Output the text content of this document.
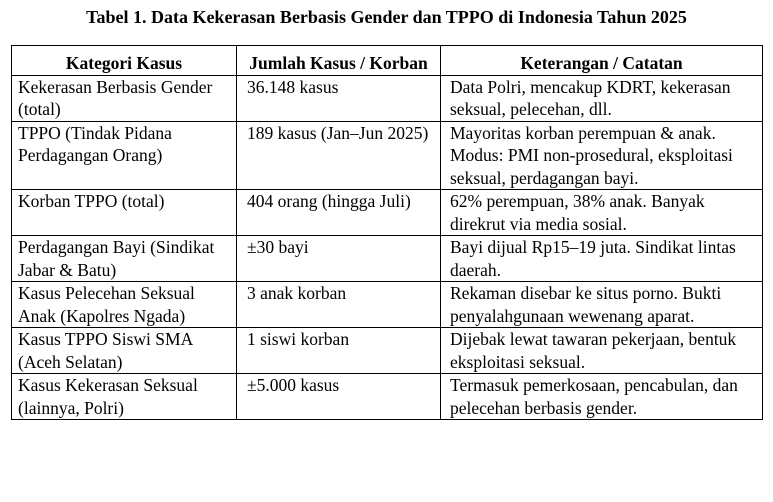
Tabel 1. Data Kekerasan Berbasis Gender dan TPPO di Indonesia Tahun 2025
Kategori Kasus	Jumlah Kasus / Korban	Keterangan / Catatan
Kekerasan Berbasis Gender (total)	36.148 kasus	Data Polri, mencakup KDRT, kekerasan seksual, pelecehan, dll.
TPPO (Tindak Pidana Perdagangan Orang)	189 kasus (Jan–Jun 2025)	Mayoritas korban perempuan & anak. Modus: PMI non-prosedural, eksploitasi seksual, perdagangan bayi.
Korban TPPO (total)	404 orang (hingga Juli)	62% perempuan, 38% anak. Banyak direkrut via media sosial.
Perdagangan Bayi (Sindikat Jabar & Batu)	±30 bayi	Bayi dijual Rp15–19 juta. Sindikat lintas daerah.
Kasus Pelecehan Seksual Anak (Kapolres Ngada)	3 anak korban	Rekaman disebar ke situs porno. Bukti penyalahgunaan wewenang aparat.
Kasus TPPO Siswi SMA (Aceh Selatan)	1 siswi korban	Dijebak lewat tawaran pekerjaan, bentuk eksploitasi seksual.
Kasus Kekerasan Seksual (lainnya, Polri)	±5.000 kasus	Termasuk pemerkosaan, pencabulan, dan pelecehan berbasis gender.
